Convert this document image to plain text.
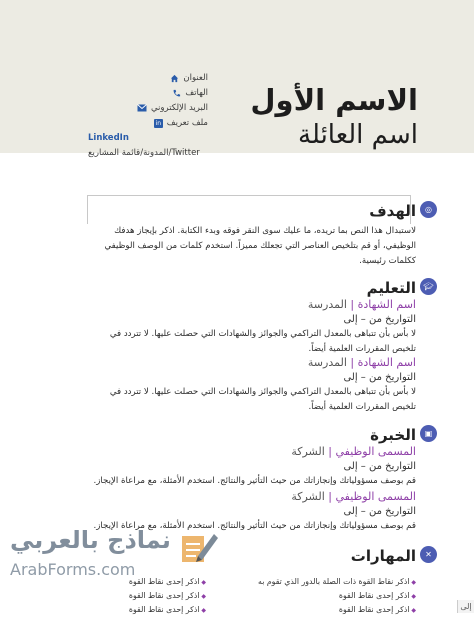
الاسم الأول
اسم العائلة
العنوان
الهاتف
البريد الإلكتروني
in ملف تعريف
LinkedIn
Twitter/المدونة/قائمة المشاريع
◎
الهدف
لاستبدال هذا النص بما تريده، ما عليك سوى النقر فوقه وبدء الكتابة. اذكر بإيجاز هدفك
الوظيفي، أو قم بتلخيص العناصر التي تجعلك مميزاً. استخدم كلمات من الوصف الوظيفي
ككلمات رئيسية.
🎓︎
التعليم
اسم الشهادة | المدرسة
التواريخ من – إلى
لا بأس بأن تتباهى بالمعدل التراكمي والجوائز والشهادات التي حصلت عليها. لا تتردد في
تلخيص المقررات العلمية أيضاً.
اسم الشهادة | المدرسة
التواريخ من – إلى
لا بأس بأن تتباهى بالمعدل التراكمي والجوائز والشهادات التي حصلت عليها. لا تتردد في
تلخيص المقررات العلمية أيضاً.
▣
الخبرة
المسمى الوظيفي | الشركة
التواريخ من – إلى
قم بوصف مسؤولياتك وإنجازاتك من حيث التأثير والنتائج. استخدم الأمثلة، مع مراعاة الإيجاز.
المسمى الوظيفي | الشركة
التواريخ من – إلى
قم بوصف مسؤولياتك وإنجازاتك من حيث التأثير والنتائج. استخدم الأمثلة، مع مراعاة الإيجاز.
✕
المهارات
◆ اذكر نقاط القوة ذات الصلة بالدور الذي تقوم به
◆ اذكر إحدى نقاط القوة
◆ اذكر إحدى نقاط القوة
◆ اذكر إحدى نقاط القوة
◆ اذكر إحدى نقاط القوة
◆ اذكر إحدى نقاط القوة
نماذج بالعربي
ArabForms.com
إلى
